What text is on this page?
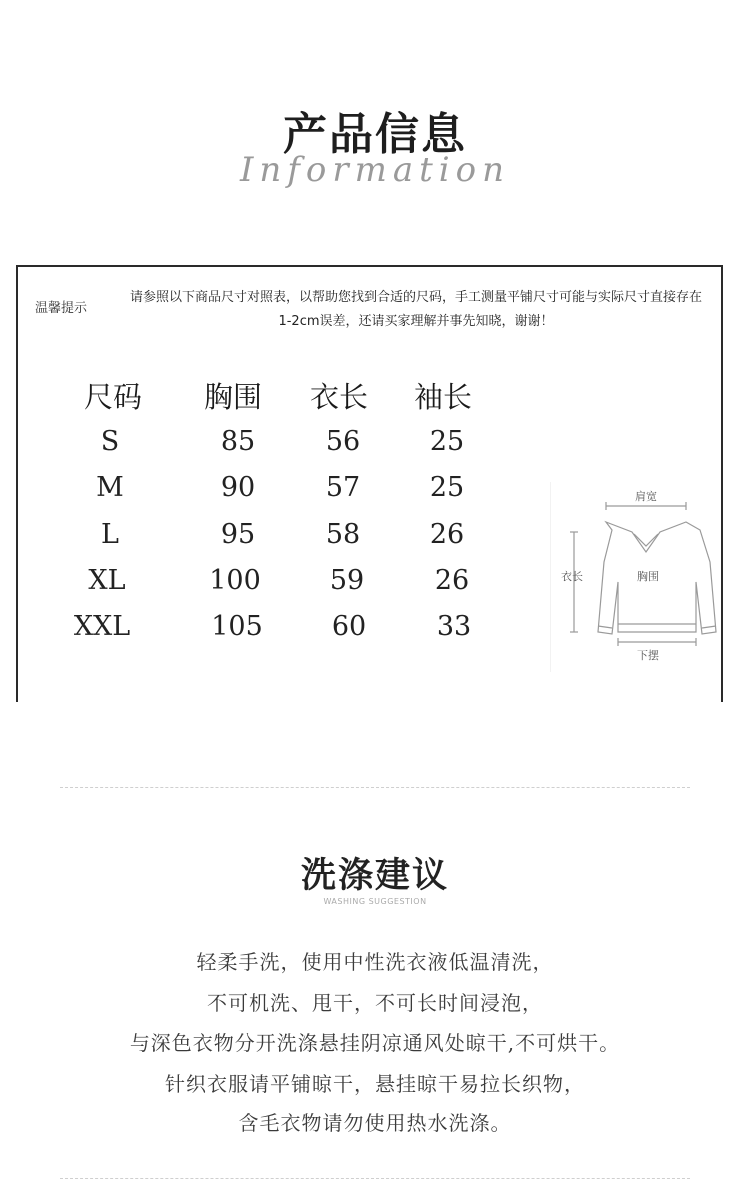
产品信息
Information
温馨提示
请参照以下商品尺寸对照表，以帮助您找到合适的尺码，手工测量平铺尺寸可能与实际尺寸直接存在
1-2cm误差，还请买家理解并事先知晓，谢谢！
尺码 胸围 衣长 袖长
S	85	56	25
M	90	57	25
L	95	58	26
XL	100	59	26
XXL	105	60	33
肩宽
衣长	胸围
下摆
洗涤建议
WASHING SUGGESTION
轻柔手洗，使用中性洗衣液低温清洗，
不可机洗、甩干，不可长时间浸泡，
与深色衣物分开洗涤悬挂阴凉通风处晾干,不可烘干。
针织衣服请平铺晾干，悬挂晾干易拉长织物，
含毛衣物请勿使用热水洗涤。
